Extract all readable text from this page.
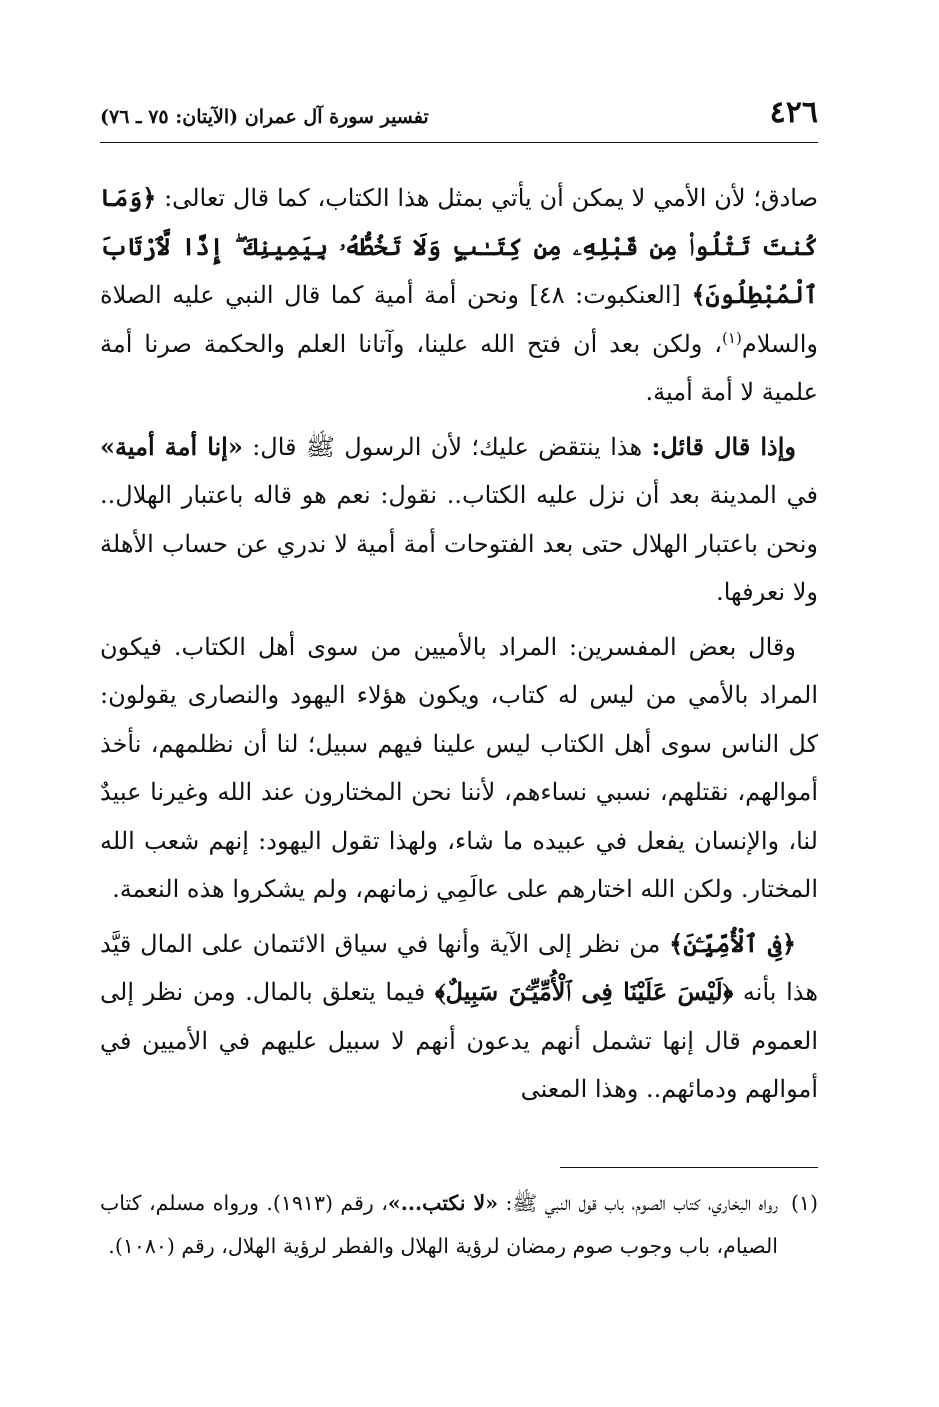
٤٢٦
تفسير سورة آل عمران (الآيتان: ٧٥ ـ ٧٦)

صادق؛ لأن الأمي لا يمكن أن يأتي بمثل هذا الكتاب، كما قال تعالى: ﴿وَمَا كُنتَ تَتْلُوا۟ مِن قَبْلِهِۦ مِن كِتَـٰبٍ وَلَا تَخُطُّهُۥ بِيَمِينِكَ ۖ إِذًا لَّٱرْتَابَ ٱلْمُبْطِلُونَ﴾ [العنكبوت: ٤٨] ونحن أمة أمية كما قال النبي عليه الصلاة والسلام$^{(١)}$، ولكن بعد أن فتح الله علينا، وآتانا العلم والحكمة صرنا أمة علمية لا أمة أمية.

وإذا قال قائل: هذا ينتقض عليك؛ لأن الرسول ﷺ قال: «إنا أمة أمية» في المدينة بعد أن نزل عليه الكتاب.. نقول: نعم هو قاله باعتبار الهلال.. ونحن باعتبار الهلال حتى بعد الفتوحات أمة أمية لا ندري عن حساب الأهلة ولا نعرفها.

وقال بعض المفسرين: المراد بالأميين من سوى أهل الكتاب. فيكون المراد بالأمي من ليس له كتاب، ويكون هؤلاء اليهود والنصارى يقولون: كل الناس سوى أهل الكتاب ليس علينا فيهم سبيل؛ لنا أن نظلمهم، نأخذ أموالهم، نقتلهم، نسبي نساءهم، لأننا نحن المختارون عند الله وغيرنا عبيدٌ لنا، والإنسان يفعل في عبيده ما شاء، ولهذا تقول اليهود: إنهم شعب الله المختار. ولكن الله اختارهم على عالَمِي زمانهم، ولم يشكروا هذه النعمة.

﴿فِى ٱلْأُمِّيِّـۧنَ﴾ من نظر إلى الآية وأنها في سياق الائتمان على المال قيَّد هذا بأنه ﴿لَيْسَ عَلَيْنَا فِى ٱلْأُمِّيِّـۧنَ سَبِيلٌ﴾ فيما يتعلق بالمال. ومن نظر إلى العموم قال إنها تشمل أنهم يدعون أنهم لا سبيل عليهم في الأميين في أموالهم ودمائهم.. وهذا المعنى

(١)
رواه البخاري، كتاب الصوم، باب قول النبي ﷺ: «لا نكتب...»، رقم (١٩١٣). ورواه مسلم، كتاب الصيام، باب وجوب صوم رمضان لرؤية الهلال والفطر لرؤية الهلال، رقم (١٠٨٠).
